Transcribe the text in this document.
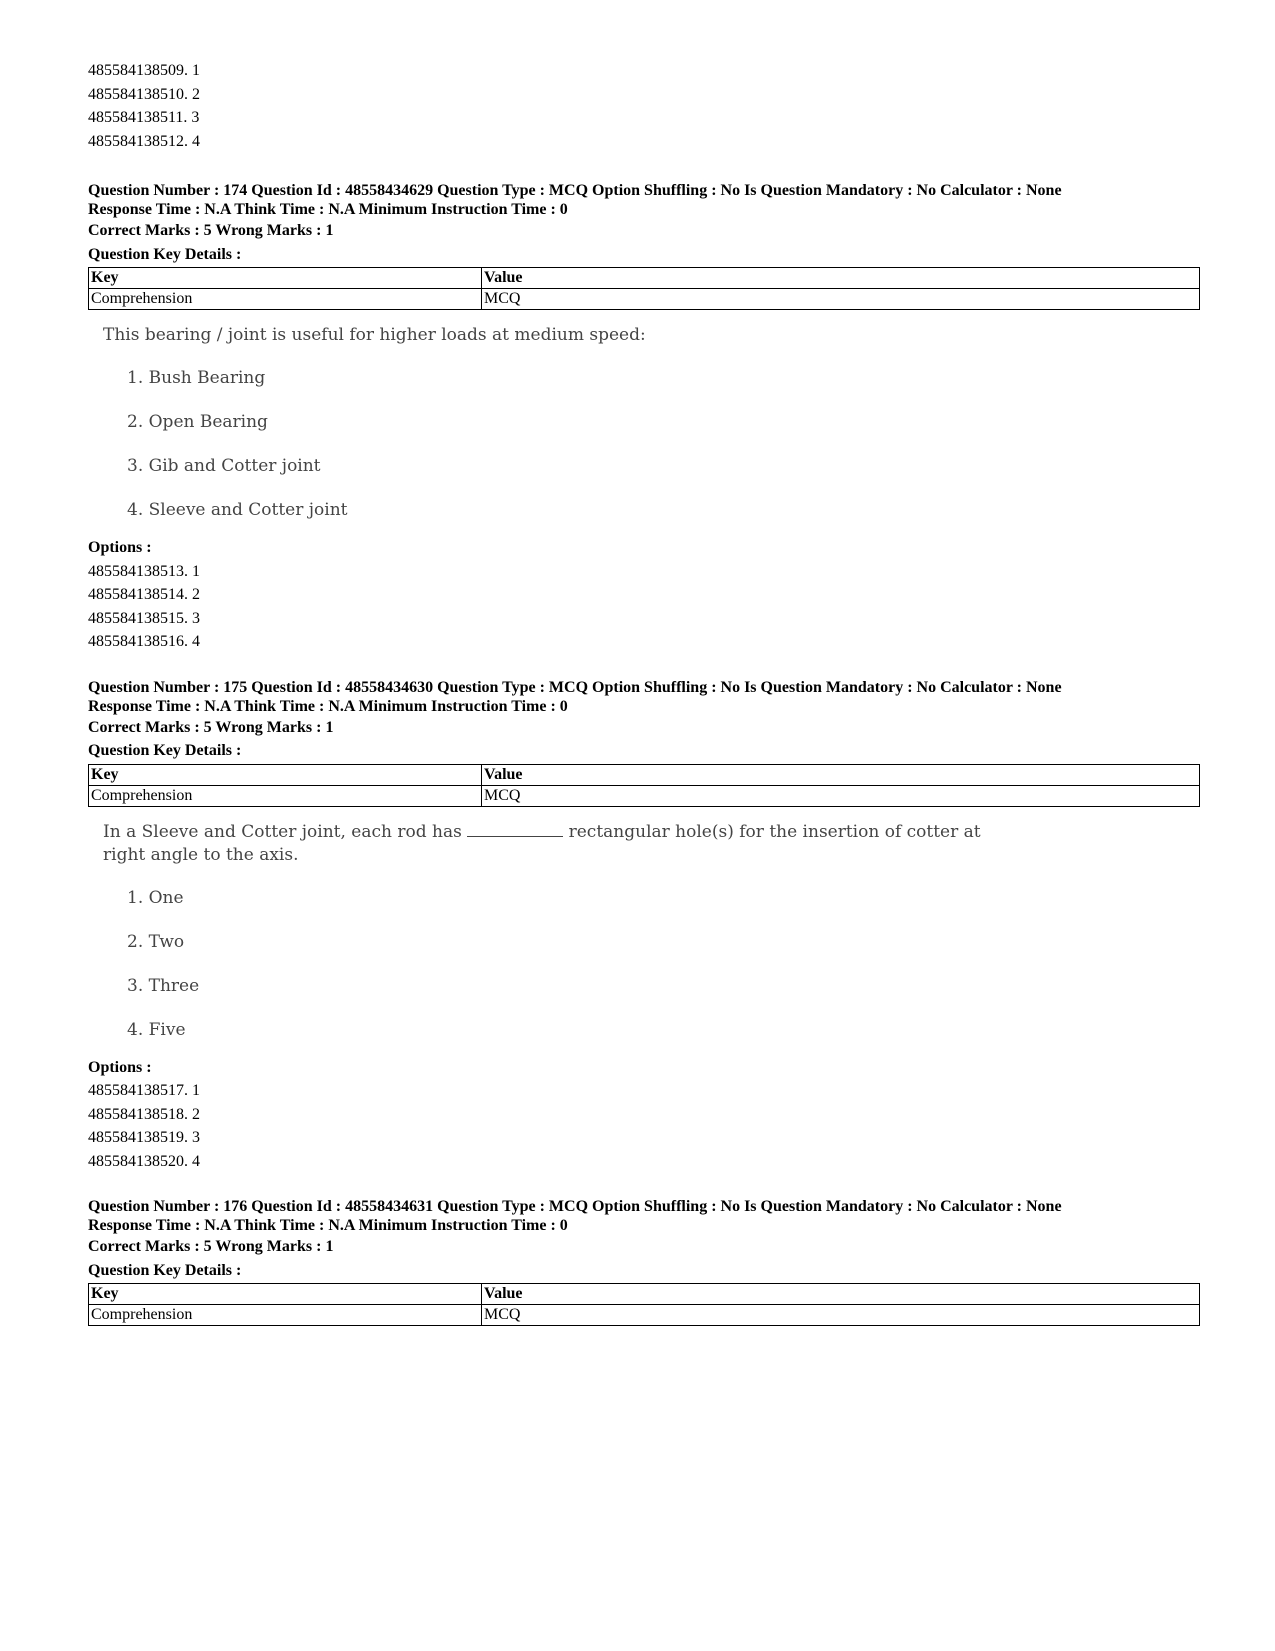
485584138509. 1
485584138510. 2
485584138511. 3
485584138512. 4
Question Number : 174 Question Id : 48558434629 Question Type : MCQ Option Shuffling : No Is Question Mandatory : No Calculator : None
Response Time : N.A Think Time : N.A Minimum Instruction Time : 0
Correct Marks : 5 Wrong Marks : 1
Question Key Details :
Key	Value
Comprehension	MCQ
This bearing / joint is useful for higher loads at medium speed:
1. Bush Bearing
2. Open Bearing
3. Gib and Cotter joint
4. Sleeve and Cotter joint
Options :
485584138513. 1
485584138514. 2
485584138515. 3
485584138516. 4
Question Number : 175 Question Id : 48558434630 Question Type : MCQ Option Shuffling : No Is Question Mandatory : No Calculator : None
Response Time : N.A Think Time : N.A Minimum Instruction Time : 0
Correct Marks : 5 Wrong Marks : 1
Question Key Details :
Key	Value
Comprehension	MCQ
In a Sleeve and Cotter joint, each rod has	rectangular hole(s) for the insertion of cotter at right angle to the axis.
1. One
2. Two
3. Three
4. Five
Options :
485584138517. 1
485584138518. 2
485584138519. 3
485584138520. 4
Question Number : 176 Question Id : 48558434631 Question Type : MCQ Option Shuffling : No Is Question Mandatory : No Calculator : None
Response Time : N.A Think Time : N.A Minimum Instruction Time : 0
Correct Marks : 5 Wrong Marks : 1
Question Key Details :
Key	Value
Comprehension	MCQ
